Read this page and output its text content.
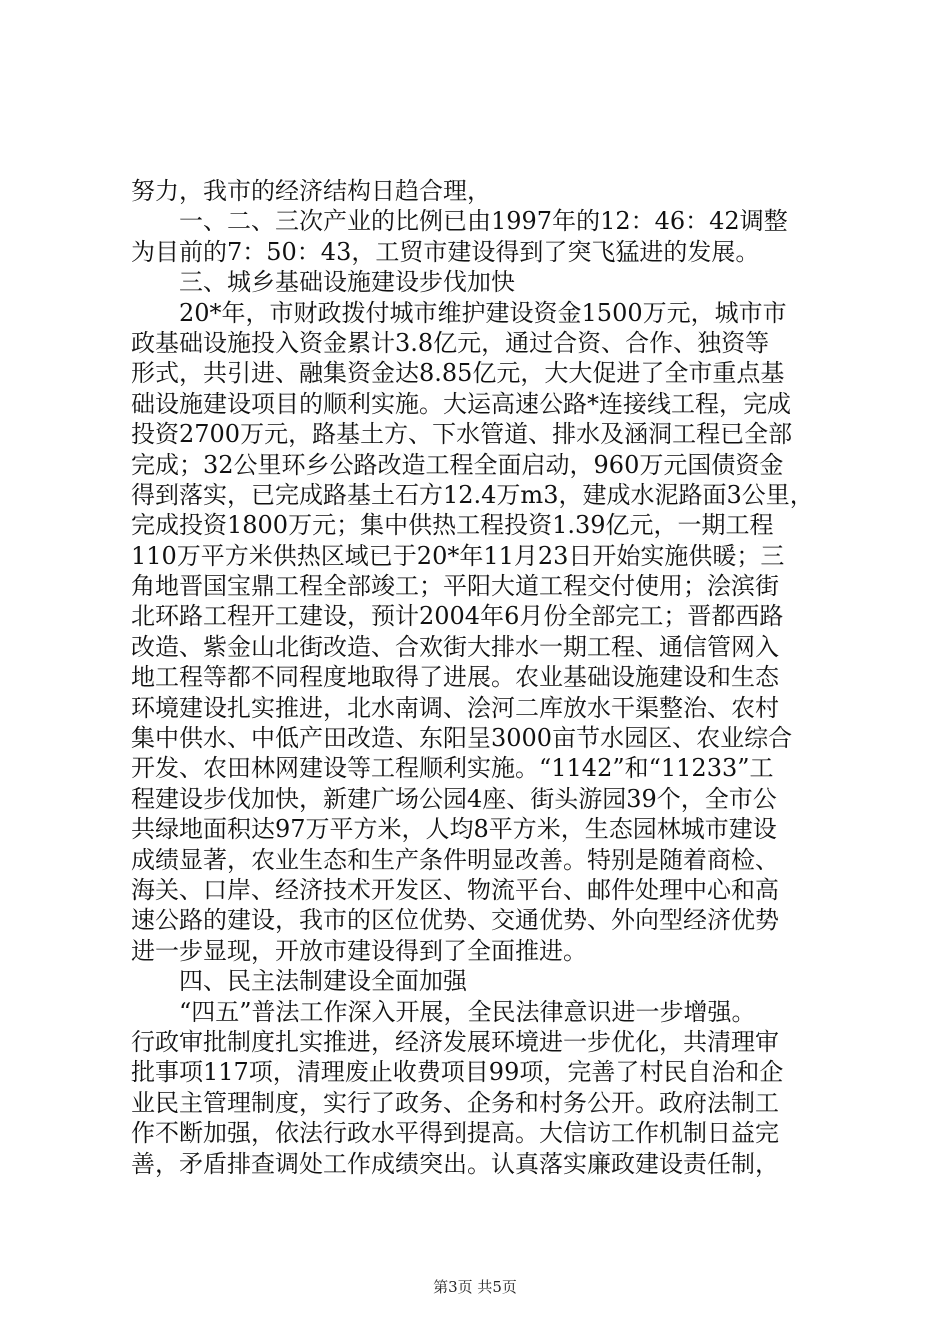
努力，我市的经济结构日趋合理，
一、二、三次产业的比例已由1997年的12：46：42调整
为目前的7：50：43，工贸市建设得到了突飞猛进的发展。
三、城乡基础设施建设步伐加快
20*年，市财政拨付城市维护建设资金1500万元，城市市
政基础设施投入资金累计3.8亿元，通过合资、合作、独资等
形式，共引进、融集资金达8.85亿元，大大促进了全市重点基
础设施建设项目的顺利实施。大运高速公路*连接线工程，完成
投资2700万元，路基土方、下水管道、排水及涵洞工程已全部
完成；32公里环乡公路改造工程全面启动，960万元国债资金
得到落实，已完成路基土石方12.4万m3，建成水泥路面3公里，
完成投资1800万元；集中供热工程投资1.39亿元，一期工程
110万平方米供热区域已于20*年11月23日开始实施供暖；三
角地晋国宝鼎工程全部竣工；平阳大道工程交付使用；浍滨街
北环路工程开工建设，预计2004年6月份全部完工；晋都西路
改造、紫金山北街改造、合欢街大排水一期工程、通信管网入
地工程等都不同程度地取得了进展。农业基础设施建设和生态
环境建设扎实推进，北水南调、浍河二库放水干渠整治、农村
集中供水、中低产田改造、东阳呈3000亩节水园区、农业综合
开发、农田林网建设等工程顺利实施。“1142”和“11233”工
程建设步伐加快，新建广场公园4座、街头游园39个，全市公
共绿地面积达97万平方米，人均8平方米，生态园林城市建设
成绩显著，农业生态和生产条件明显改善。特别是随着商检、
海关、口岸、经济技术开发区、物流平台、邮件处理中心和高
速公路的建设，我市的区位优势、交通优势、外向型经济优势
进一步显现，开放市建设得到了全面推进。
四、民主法制建设全面加强
“四五”普法工作深入开展，全民法律意识进一步增强。
行政审批制度扎实推进，经济发展环境进一步优化，共清理审
批事项117项，清理废止收费项目99项，完善了村民自治和企
业民主管理制度，实行了政务、企务和村务公开。政府法制工
作不断加强，依法行政水平得到提高。大信访工作机制日益完
善，矛盾排查调处工作成绩突出。认真落实廉政建设责任制，
第3页 共5页
